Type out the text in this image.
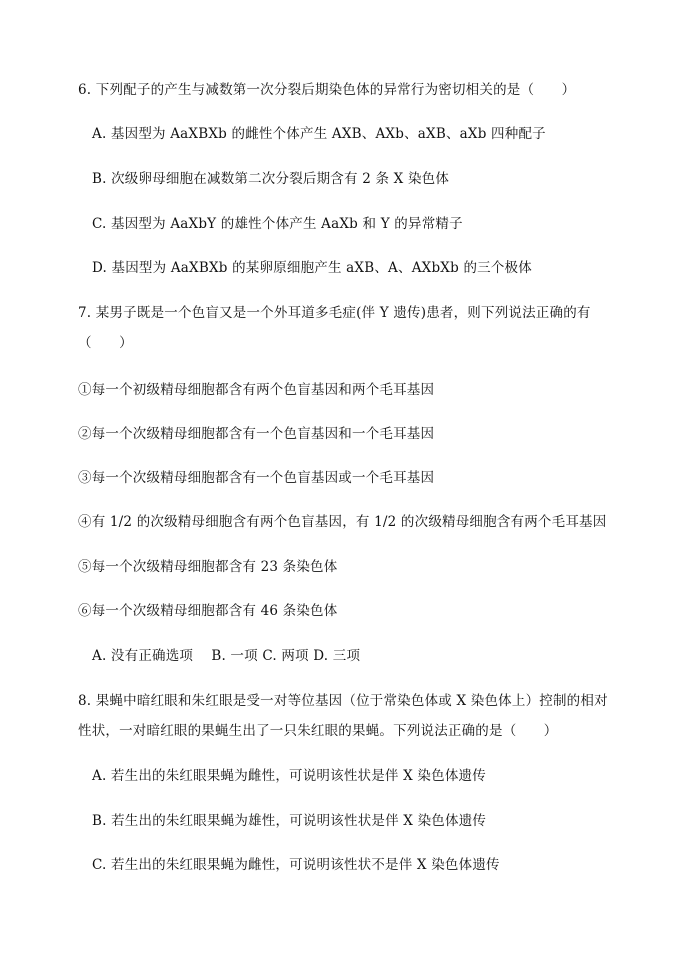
6. 下列配子的产生与减数第一次分裂后期染色体的异常行为密切相关的是（　　）
A. 基因型为 AaXBXb 的雌性个体产生 AXB、AXb、aXB、aXb 四种配子
B. 次级卵母细胞在减数第二次分裂后期含有 2 条 X 染色体
C. 基因型为 AaXbY 的雄性个体产生 AaXb 和 Y 的异常精子
D. 基因型为 AaXBXb 的某卵原细胞产生 aXB、A、AXbXb 的三个极体
7. 某男子既是一个色盲又是一个外耳道多毛症(伴 Y 遗传)患者，则下列说法正确的有
（　　）
①每一个初级精母细胞都含有两个色盲基因和两个毛耳基因
②每一个次级精母细胞都含有一个色盲基因和一个毛耳基因
③每一个次级精母细胞都含有一个色盲基因或一个毛耳基因
④有 1/2 的次级精母细胞含有两个色盲基因，有 1/2 的次级精母细胞含有两个毛耳基因
⑤每一个次级精母细胞都含有 23 条染色体
⑥每一个次级精母细胞都含有 46 条染色体
A. 没有正确选项　 B. 一项 C. 两项 D. 三项
8. 果蝇中暗红眼和朱红眼是受一对等位基因（位于常染色体或 X 染色体上）控制的相对
性状，一对暗红眼的果蝇生出了一只朱红眼的果蝇。下列说法正确的是（　　）
A. 若生出的朱红眼果蝇为雌性，可说明该性状是伴 X 染色体遗传
B. 若生出的朱红眼果蝇为雄性，可说明该性状是伴 X 染色体遗传
C. 若生出的朱红眼果蝇为雌性，可说明该性状不是伴 X 染色体遗传
